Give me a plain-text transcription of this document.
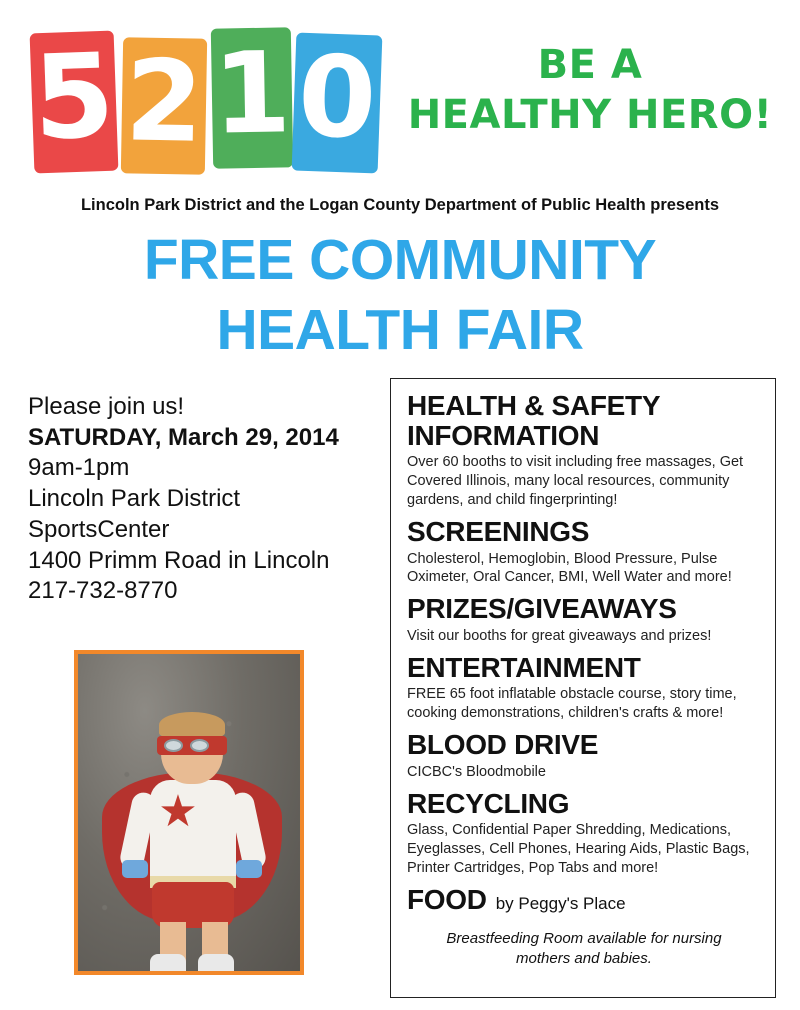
5 2 1 0	BE A
HEALTHY HERO!
Lincoln Park District and the Logan County Department of Public Health presents
FREE COMMUNITY
HEALTH FAIR
Please join us!
SATURDAY, March 29, 2014
9am-1pm
Lincoln Park District
SportsCenter
1400 Primm Road in Lincoln
217-732-8770
HEALTH & SAFETY
INFORMATION
Over 60 booths to visit including free massages, Get Covered Illinois, many local resources, community gardens, and child fingerprinting!
SCREENINGS
Cholesterol, Hemoglobin, Blood Pressure, Pulse Oximeter, Oral Cancer, BMI, Well Water and more!
PRIZES/GIVEAWAYS
Visit our booths for great giveaways and prizes!
ENTERTAINMENT
FREE 65 foot inflatable obstacle course, story time, cooking demonstrations, children's crafts & more!
BLOOD DRIVE
CICBC's Bloodmobile
RECYCLING
Glass, Confidential Paper Shredding, Medications, Eyeglasses, Cell Phones, Hearing Aids, Plastic Bags, Printer Cartridges, Pop Tabs and more!
FOOD by Peggy's Place
Breastfeeding Room available for nursing
mothers and babies.
